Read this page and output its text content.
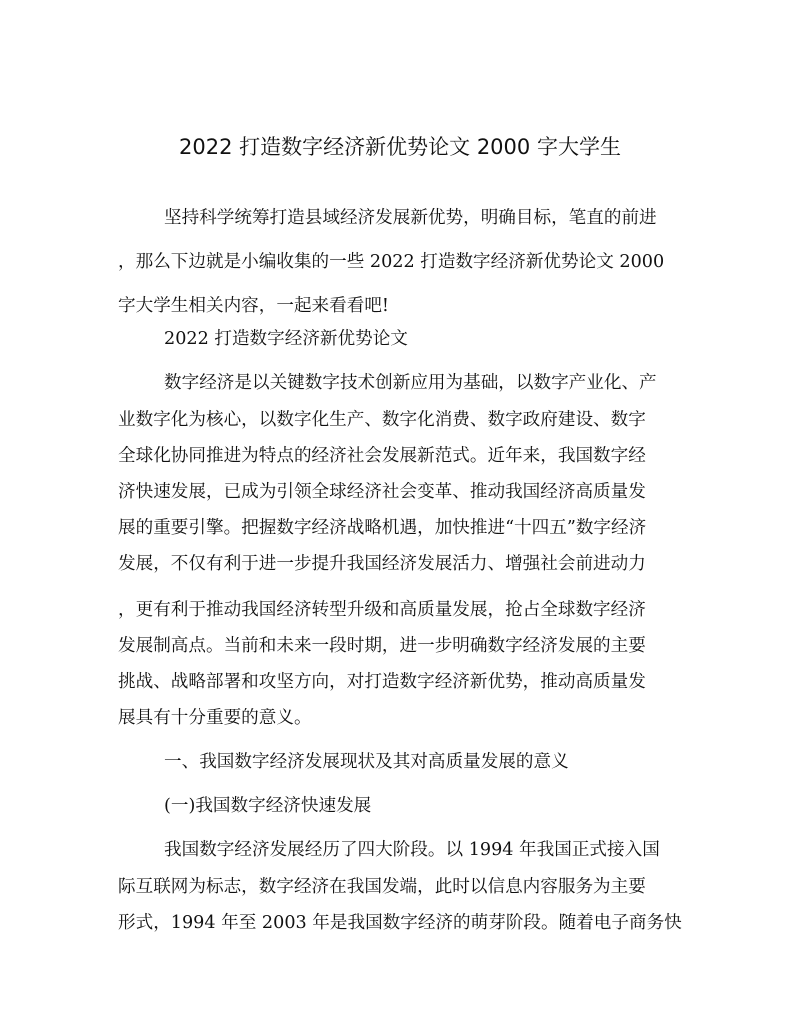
2022 打造数字经济新优势论文 2000 字大学生
坚持科学统筹打造县域经济发展新优势，明确目标，笔直的前进
，那么下边就是小编收集的一些 2022 打造数字经济新优势论文 2000
字大学生相关内容，一起来看看吧!
2022 打造数字经济新优势论文
数字经济是以关键数字技术创新应用为基础，以数字产业化、产
业数字化为核心，以数字化生产、数字化消费、数字政府建设、数字
全球化协同推进为特点的经济社会发展新范式。近年来，我国数字经
济快速发展，已成为引领全球经济社会变革、推动我国经济高质量发
展的重要引擎。把握数字经济战略机遇，加快推进“十四五”数字经济
发展，不仅有利于进一步提升我国经济发展活力、增强社会前进动力
，更有利于推动我国经济转型升级和高质量发展，抢占全球数字经济
发展制高点。当前和未来一段时期，进一步明确数字经济发展的主要
挑战、战略部署和攻坚方向，对打造数字经济新优势，推动高质量发
展具有十分重要的意义。
一、我国数字经济发展现状及其对高质量发展的意义
(一)我国数字经济快速发展
我国数字经济发展经历了四大阶段。以 1994 年我国正式接入国
际互联网为标志，数字经济在我国发端，此时以信息内容服务为主要
形式，1994 年至 2003 年是我国数字经济的萌芽阶段。随着电子商务快
